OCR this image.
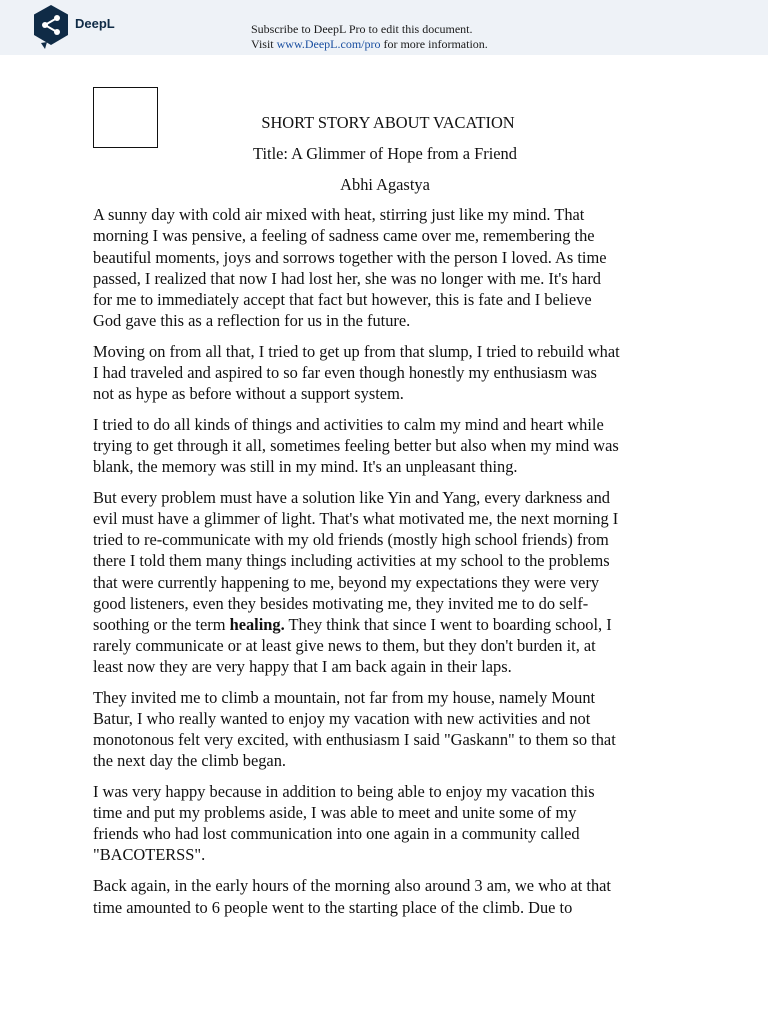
DeepL	Subscribe to DeepL Pro to edit this document.
Visit www.DeepL.com/pro for more information.
SHORT STORY ABOUT VACATION
Title: A Glimmer of Hope from a Friend
Abhi Agastya

A sunny day with cold air mixed with heat, stirring just like my mind. That
morning I was pensive, a feeling of sadness came over me, remembering the
beautiful moments, joys and sorrows together with the person I loved. As time
passed, I realized that now I had lost her, she was no longer with me. It's hard
for me to immediately accept that fact but however, this is fate and I believe
God gave this as a reflection for us in the future.

Moving on from all that, I tried to get up from that slump, I tried to rebuild what
I had traveled and aspired to so far even though honestly my enthusiasm was
not as hype as before without a support system.

I tried to do all kinds of things and activities to calm my mind and heart while
trying to get through it all, sometimes feeling better but also when my mind was
blank, the memory was still in my mind. It's an unpleasant thing.

But every problem must have a solution like Yin and Yang, every darkness and
evil must have a glimmer of light. That's what motivated me, the next morning I
tried to re-communicate with my old friends (mostly high school friends) from
there I told them many things including activities at my school to the problems
that were currently happening to me, beyond my expectations they were very
good listeners, even they besides motivating me, they invited me to do self-
soothing or the term healing. They think that since I went to boarding school, I
rarely communicate or at least give news to them, but they don't burden it, at
least now they are very happy that I am back again in their laps.

They invited me to climb a mountain, not far from my house, namely Mount
Batur, I who really wanted to enjoy my vacation with new activities and not
monotonous felt very excited, with enthusiasm I said "Gaskann" to them so that
the next day the climb began.

I was very happy because in addition to being able to enjoy my vacation this
time and put my problems aside, I was able to meet and unite some of my
friends who had lost communication into one again in a community called
"BACOTERSS".

Back again, in the early hours of the morning also around 3 am, we who at that
time amounted to 6 people went to the starting place of the climb. Due to
